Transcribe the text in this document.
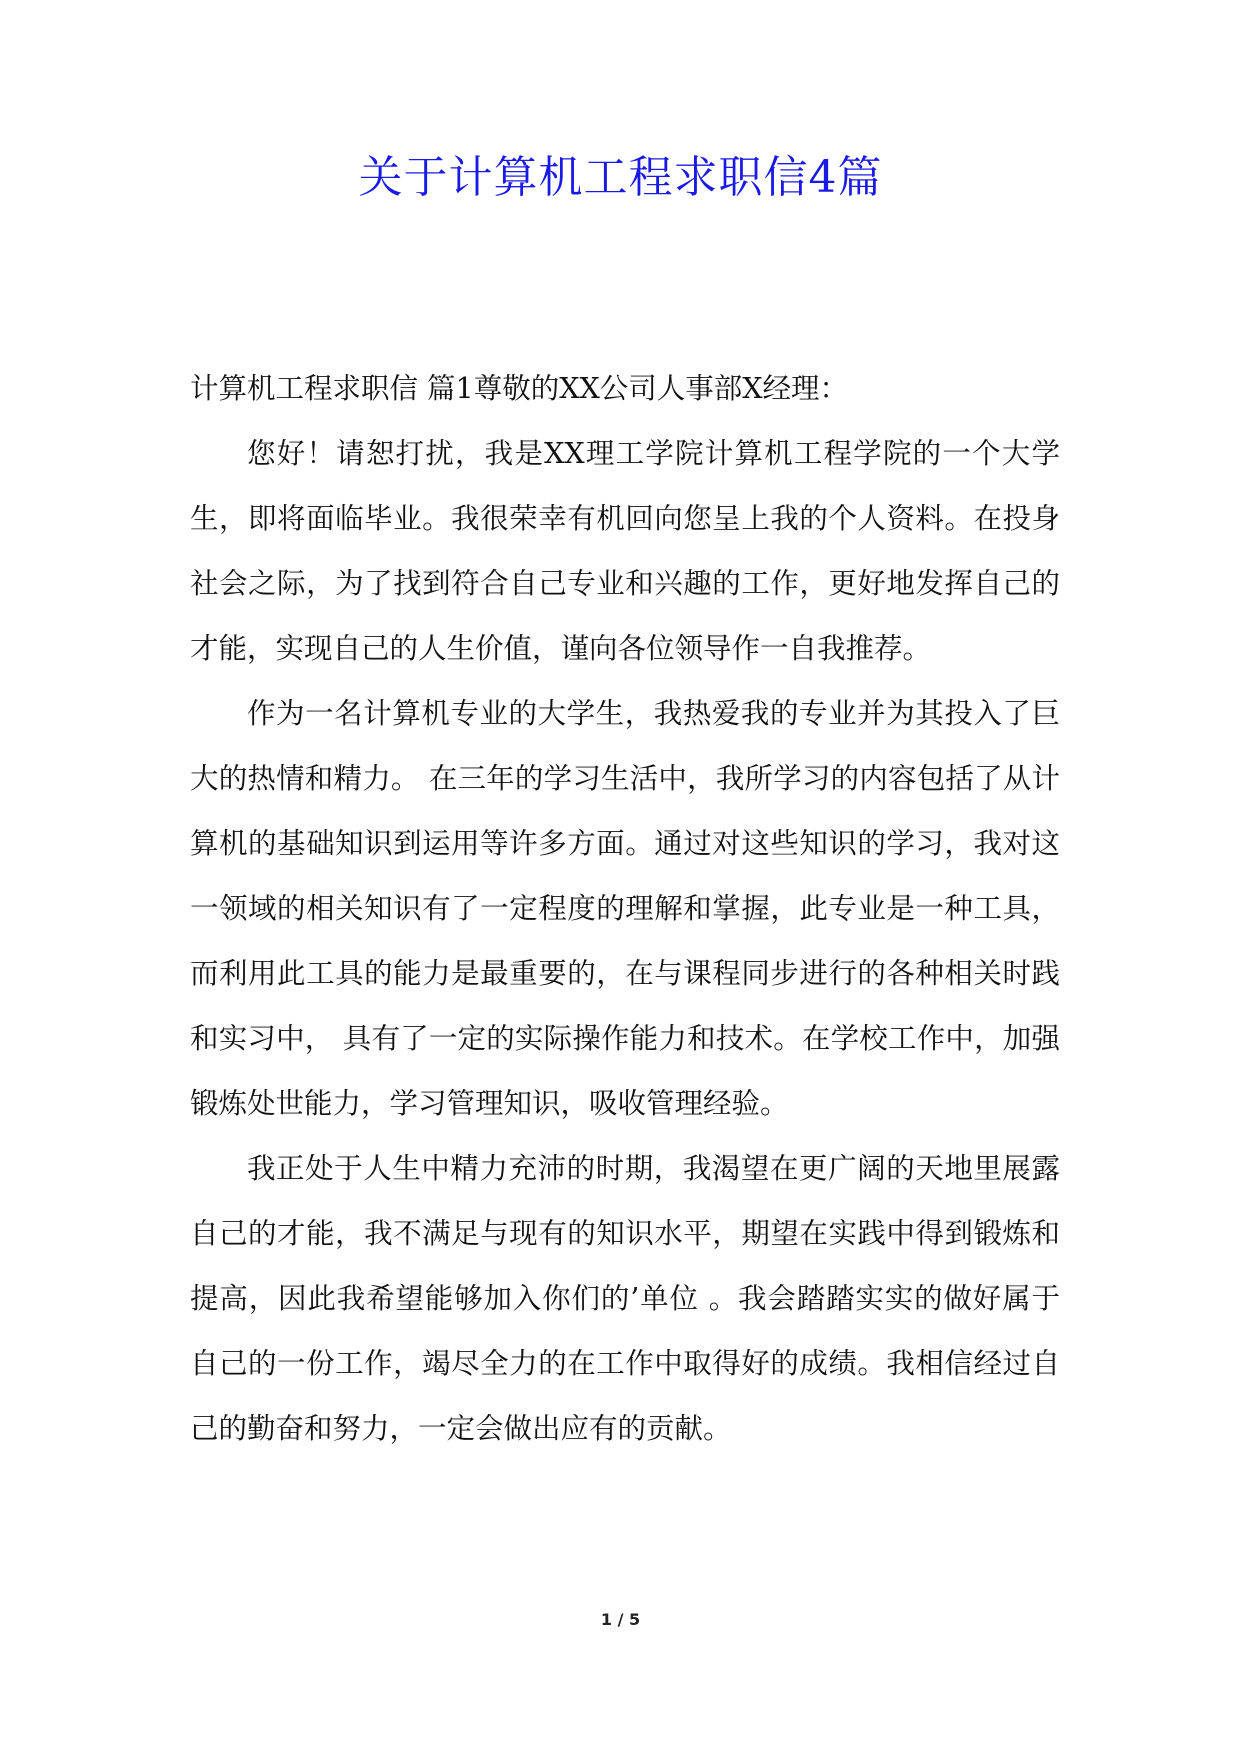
关于计算机工程求职信4篇

计算机工程求职信 篇1尊敬的XX公司人事部X经理：

您好！请恕打扰，我是XX理工学院计算机工程学院的一个大学生，即将面临毕业。我很荣幸有机回向您呈上我的个人资料。在投身社会之际，为了找到符合自己专业和兴趣的工作，更好地发挥自己的才能，实现自己的人生价值，谨向各位领导作一自我推荐。

作为一名计算机专业的大学生，我热爱我的专业并为其投入了巨大的热情和精力。 在三年的学习生活中，我所学习的内容包括了从计算机的基础知识到运用等许多方面。通过对这些知识的学习，我对这一领域的相关知识有了一定程度的理解和掌握，此专业是一种工具，而利用此工具的能力是最重要的，在与课程同步进行的各种相关时践和实习中， 具有了一定的实际操作能力和技术。在学校工作中，加强锻炼处世能力，学习管理知识，吸收管理经验。

我正处于人生中精力充沛的时期，我渴望在更广阔的天地里展露自己的才能，我不满足与现有的知识水平，期望在实践中得到锻炼和提高，因此我希望能够加入你们的’单位 。我会踏踏实实的做好属于自己的一份工作，竭尽全力的在工作中取得好的成绩。我相信经过自己的勤奋和努力，一定会做出应有的贡献。

1 / 5
